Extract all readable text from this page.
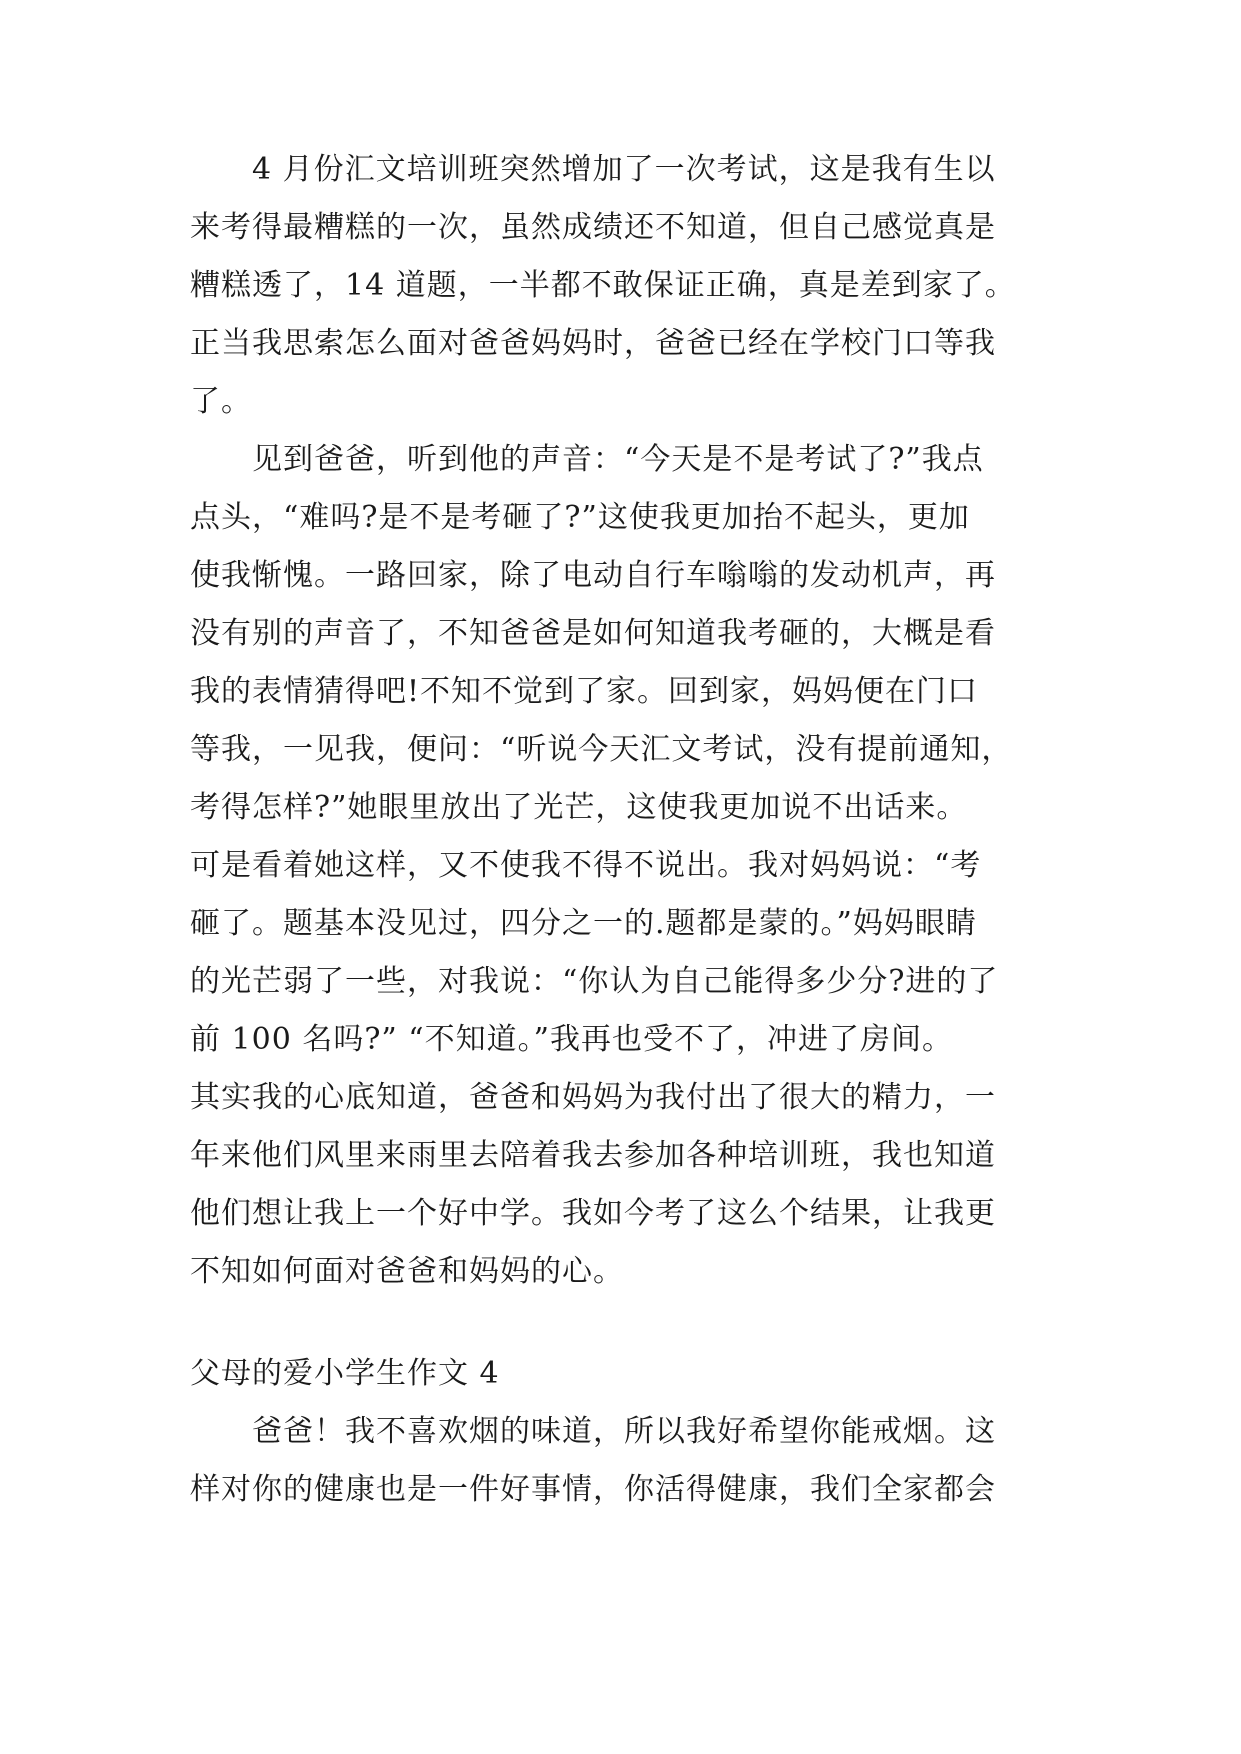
4 月份汇文培训班突然增加了一次考试，这是我有生以
来考得最糟糕的一次，虽然成绩还不知道，但自己感觉真是
糟糕透了，14 道题，一半都不敢保证正确，真是差到家了。
正当我思索怎么面对爸爸妈妈时，爸爸已经在学校门口等我
了。
见到爸爸，听到他的声音：“今天是不是考试了?”我点
点头，“难吗?是不是考砸了?”这使我更加抬不起头，更加
使我惭愧。一路回家，除了电动自行车嗡嗡的发动机声，再
没有别的声音了，不知爸爸是如何知道我考砸的，大概是看
我的表情猜得吧!不知不觉到了家。回到家，妈妈便在门口
等我，一见我，便问：“听说今天汇文考试，没有提前通知，
考得怎样?”她眼里放出了光芒，这使我更加说不出话来。
可是看着她这样，又不使我不得不说出。我对妈妈说：“考
砸了。题基本没见过，四分之一的.题都是蒙的。”妈妈眼睛
的光芒弱了一些，对我说：“你认为自己能得多少分?进的了
前 100 名吗?” “不知道。”我再也受不了，冲进了房间。
其实我的心底知道，爸爸和妈妈为我付出了很大的精力，一
年来他们风里来雨里去陪着我去参加各种培训班，我也知道
他们想让我上一个好中学。我如今考了这么个结果，让我更
不知如何面对爸爸和妈妈的心。
父母的爱小学生作文 4
爸爸！我不喜欢烟的味道，所以我好希望你能戒烟。这
样对你的健康也是一件好事情，你活得健康，我们全家都会
